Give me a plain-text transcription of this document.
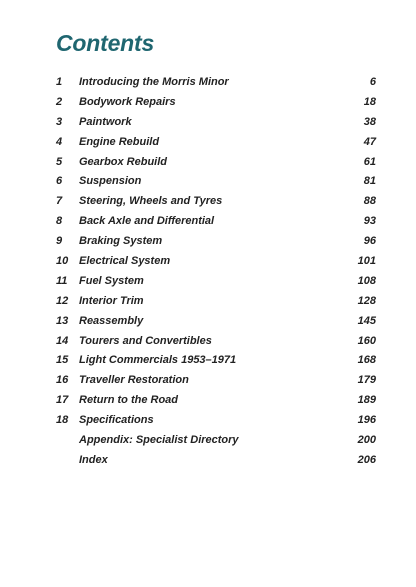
Contents
1	Introducing the Morris Minor	6
2	Bodywork Repairs	18
3	Paintwork	38
4	Engine Rebuild	47
5	Gearbox Rebuild	61
6	Suspension	81
7	Steering, Wheels and Tyres	88
8	Back Axle and Differential	93
9	Braking System	96
10 Electrical System	101
11	Fuel System	108
12 Interior Trim	128
13 Reassembly	145
14 Tourers and Convertibles	160
15 Light Commercials 1953–1971	168
16 Traveller Restoration	179
17 Return to the Road	189
18 Specifications	196
Appendix: Specialist Directory	200
Index	206
